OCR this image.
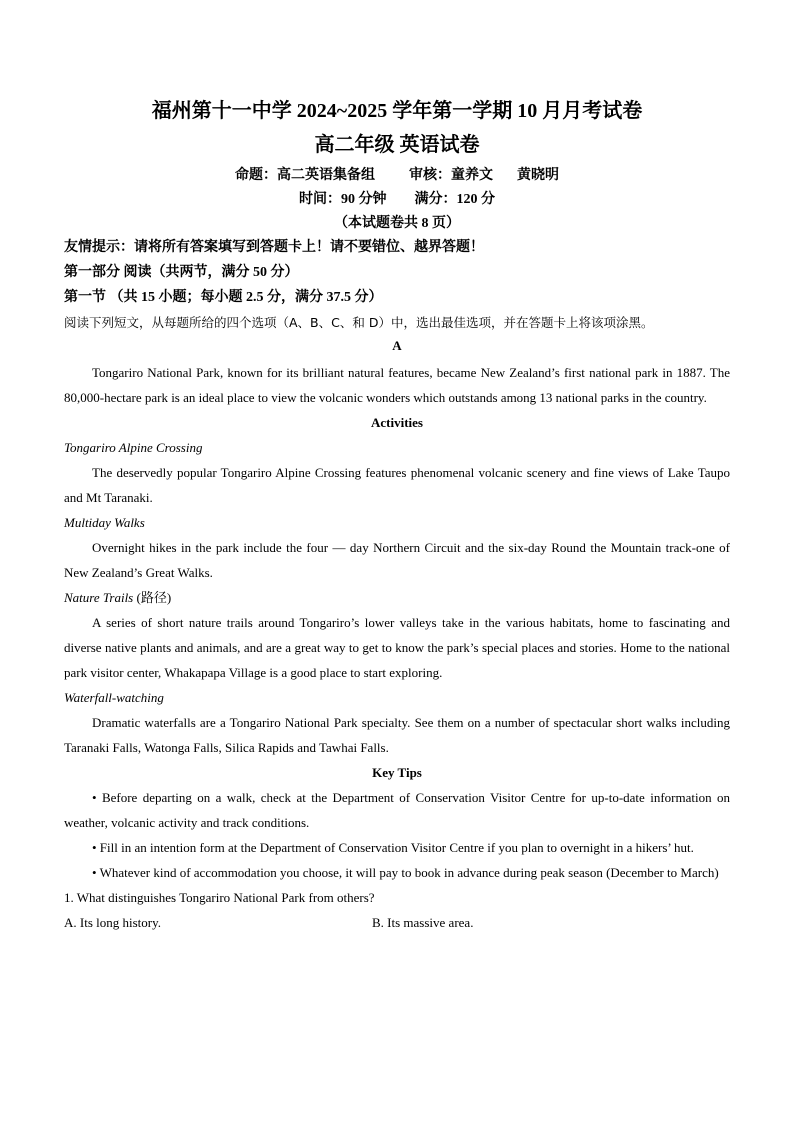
福州第十一中学 2024~2025 学年第一学期 10 月月考试卷
高二年级 英语试卷
命题：高二英语集备组 审核：童养文 黄晓明
时间：90 分钟 满分：120 分
（本试题卷共 8 页）
友情提示：请将所有答案填写到答题卡上！请不要错位、越界答题！
第一部分 阅读（共两节，满分 50 分）
第一节 （共 15 小题；每小题 2.5 分，满分 37.5 分）
阅读下列短文，从每题所给的四个选项（A、B、C、和 D）中，选出最佳选项，并在答题卡上将该项涂黑。
A

Tongariro National Park, known for its brilliant natural features, became New Zealand’s first national park in 1887. The 80,000-hectare park is an ideal place to view the volcanic wonders which outstands among 13 national parks in the country.

Activities
Tongariro Alpine Crossing

The deservedly popular Tongariro Alpine Crossing features phenomenal volcanic scenery and fine views of Lake Taupo and Mt Taranaki.

Multiday Walks

Overnight hikes in the park include the four — day Northern Circuit and the six-day Round the Mountain track-one of New Zealand’s Great Walks.

Nature Trails (路径)

A series of short nature trails around Tongariro’s lower valleys take in the various habitats, home to fascinating and diverse native plants and animals, and are a great way to get to know the park’s special places and stories. Home to the national park visitor center, Whakapapa Village is a good place to start exploring.

Waterfall-watching

Dramatic waterfalls are a Tongariro National Park specialty. See them on a number of spectacular short walks including Taranaki Falls, Watonga Falls, Silica Rapids and Tawhai Falls.

Key Tips

• Before departing on a walk, check at the Department of Conservation Visitor Centre for up-to-date information on weather, volcanic activity and track conditions.

• Fill in an intention form at the Department of Conservation Visitor Centre if you plan to overnight in a hikers’ hut.

• Whatever kind of accommodation you choose, it will pay to book in advance during peak season (December to March)

1. What distinguishes Tongariro National Park from others?
A. Its long history.	B. Its massive area.
